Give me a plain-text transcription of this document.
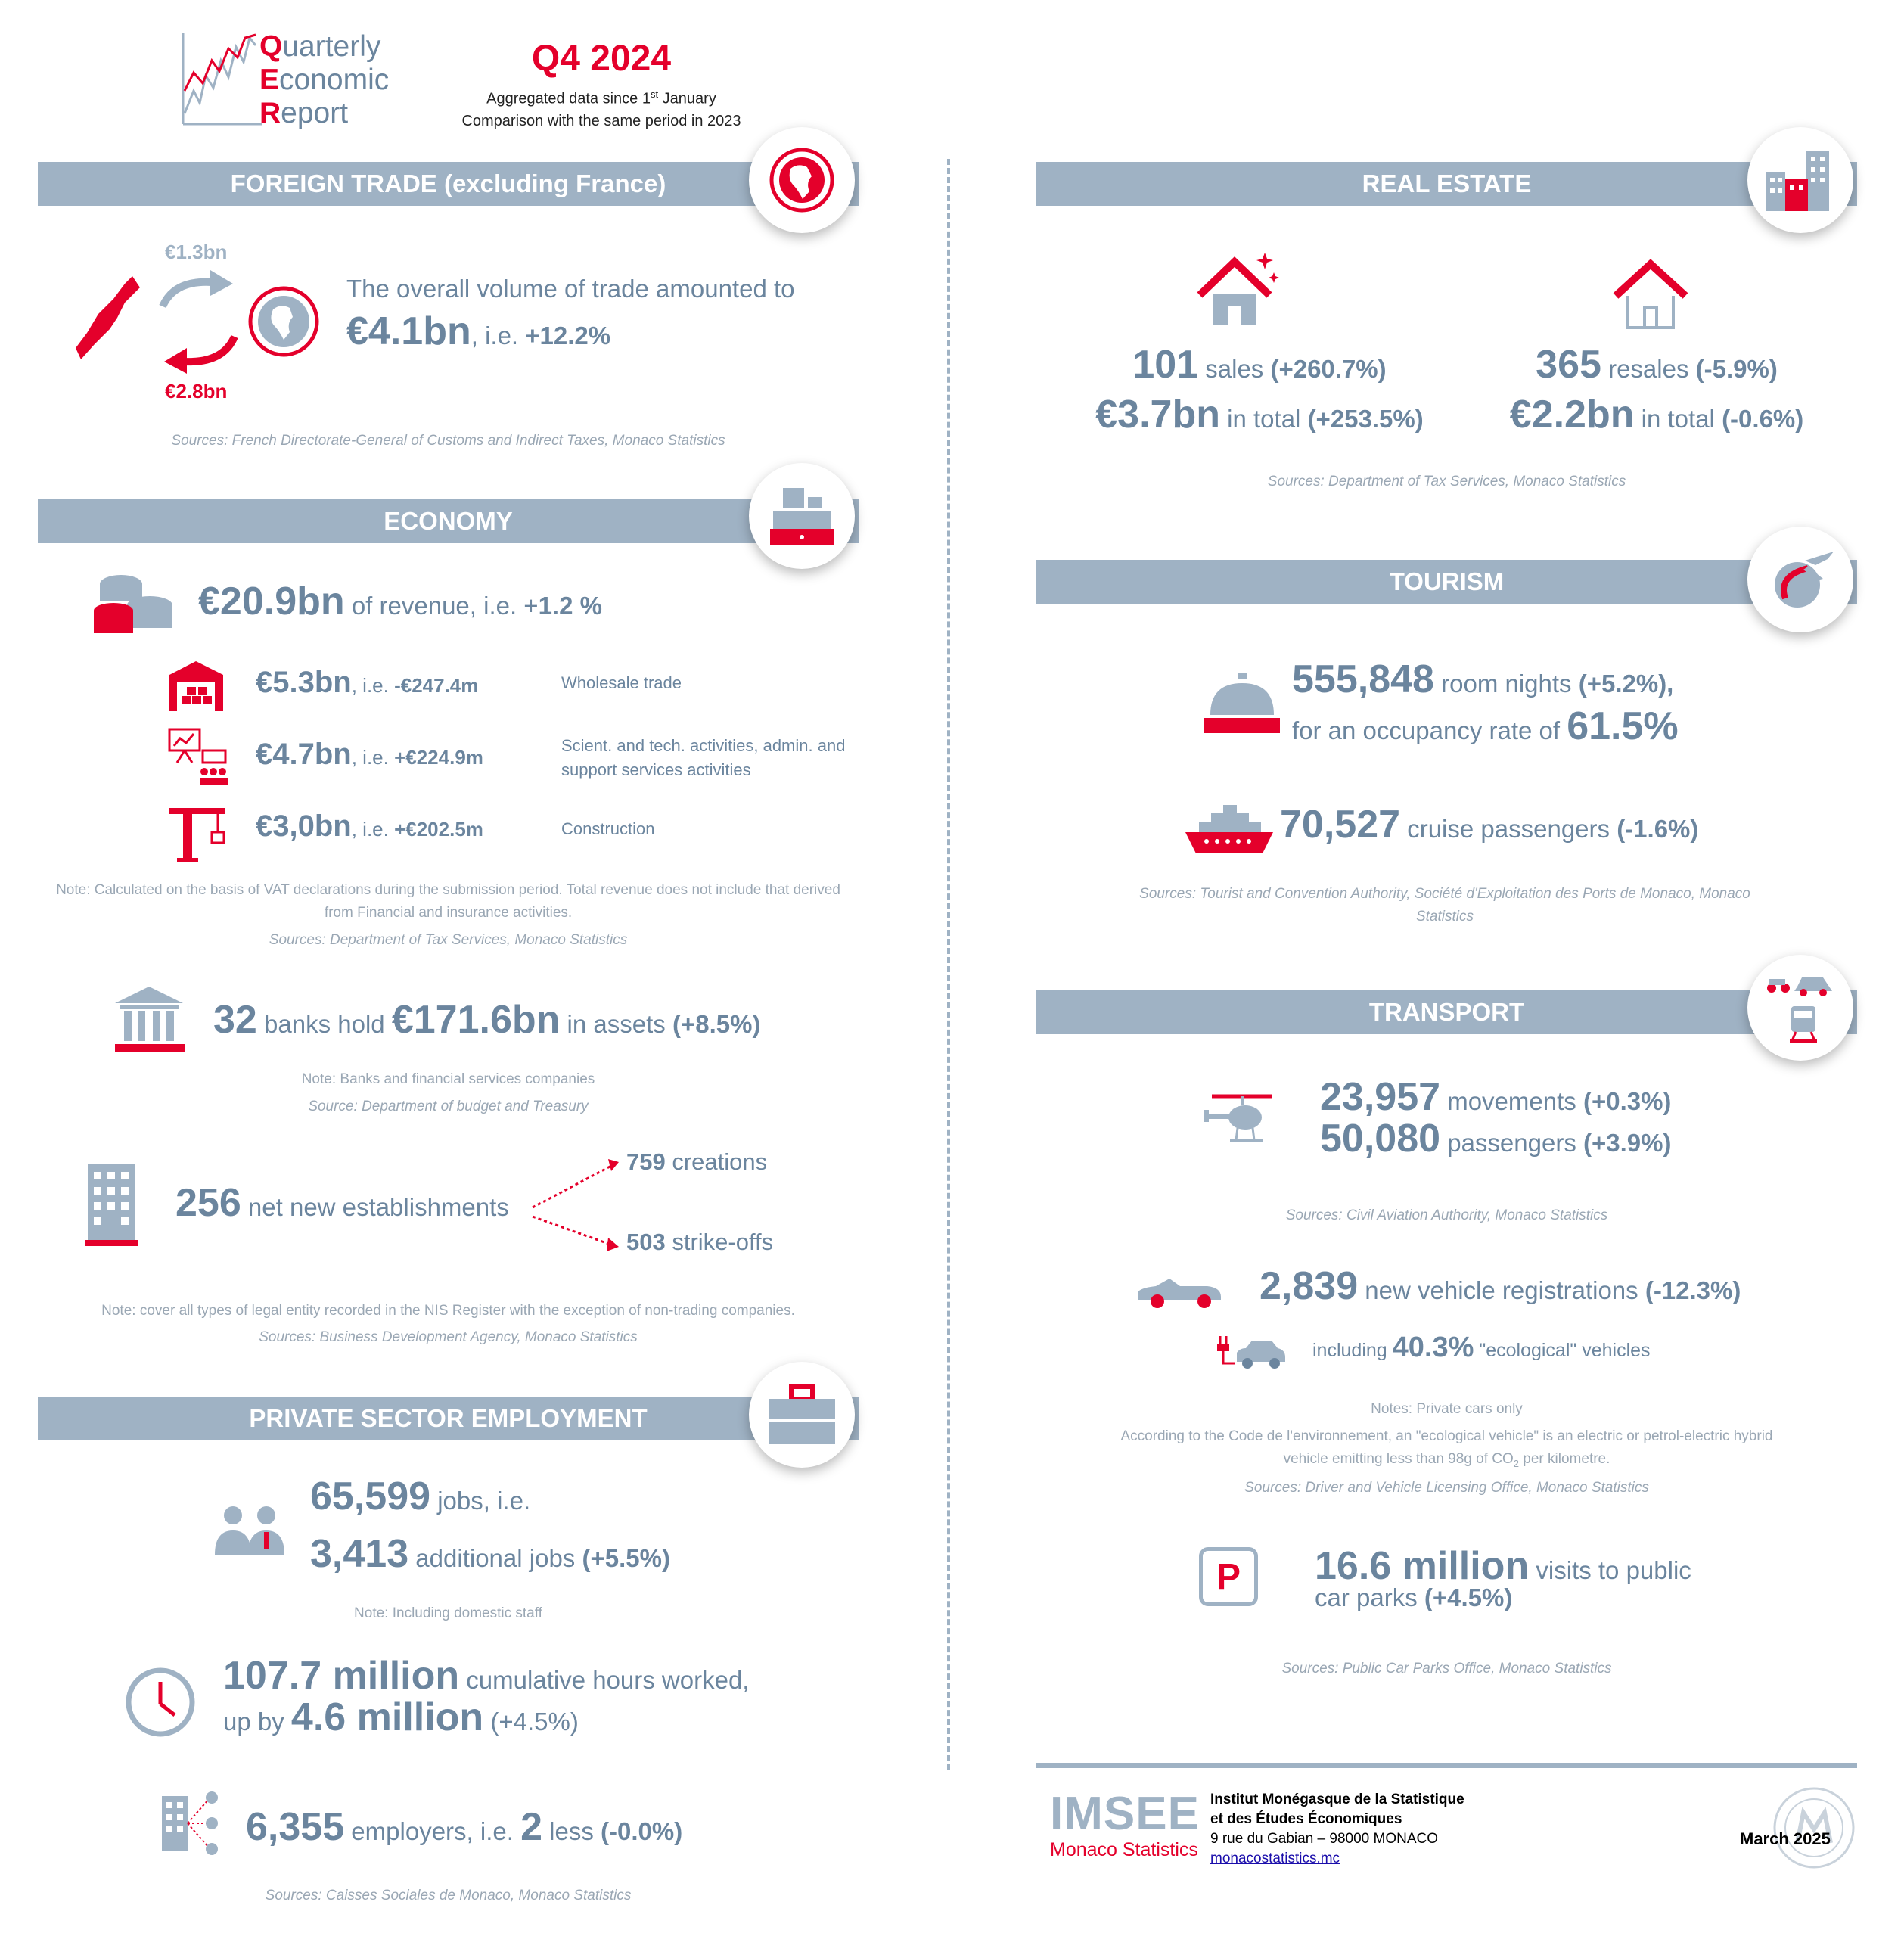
Quarterly
Economic
Report
Q4 2024
Aggregated data since 1st January
Comparison with the same period in 2023
FOREIGN TRADE (excluding France)
€1.3bn
€2.8bn
The overall volume of trade amounted to
€4.1bn, i.e. +12.2%
Sources: French Directorate-General of Customs and Indirect Taxes, Monaco Statistics
ECONOMY
€20.9bn of revenue, i.e. +1.2 %
€5.3bn, i.e. -€247.4m	Wholesale trade
€4.7bn, i.e. +€224.9m
Scient. and tech. activities, admin. and support services activities
€3,0bn, i.e. +€202.5m	Construction
Note: Calculated on the basis of VAT declarations during the submission period. Total revenue does not include that derived from Financial and insurance activities.
Sources: Department of Tax Services, Monaco Statistics
32 banks hold €171.6bn in assets (+8.5%)
Note: Banks and financial services companies
Source: Department of budget and Treasury
256 net new establishments
759 creations
503 strike-offs
Note: cover all types of legal entity recorded in the NIS Register with the exception of non-trading companies.
Sources: Business Development Agency, Monaco Statistics
PRIVATE SECTOR EMPLOYMENT
65,599 jobs, i.e.
3,413 additional jobs (+5.5%)
Note: Including domestic staff
107.7 million cumulative hours worked,
up by 4.6 million (+4.5%)
6,355 employers, i.e. 2 less (-0.0%)
Sources: Caisses Sociales de Monaco, Monaco Statistics
REAL ESTATE
101 sales (+260.7%)
€3.7bn in total (+253.5%)
365 resales (-5.9%)
€2.2bn in total (-0.6%)
Sources: Department of Tax Services, Monaco Statistics
TOURISM
555,848 room nights (+5.2%),
for an occupancy rate of 61.5%
70,527 cruise passengers (-1.6%)
Sources: Tourist and Convention Authority, Société d'Exploitation des Ports de Monaco, Monaco Statistics
TRANSPORT
23,957 movements (+0.3%)
50,080 passengers (+3.9%)
Sources: Civil Aviation Authority, Monaco Statistics
2,839 new vehicle registrations (-12.3%)
including 40.3% "ecological" vehicles
Notes: Private cars only
According to the Code de l'environnement, an "ecological vehicle" is an electric or petrol-electric hybrid vehicle emitting less than 98g of $CO_2$ per kilometre.
Sources: Driver and Vehicle Licensing Office, Monaco Statistics
P 16.6 million visits to public
car parks (+4.5%)
Sources: Public Car Parks Office, Monaco Statistics
IMSEE
Monaco Statistics
Institut Monégasque de la Statistique
et des Études Économiques
9 rue du Gabian – 98000 MONACO
monacostatistics.mc
March 2025
